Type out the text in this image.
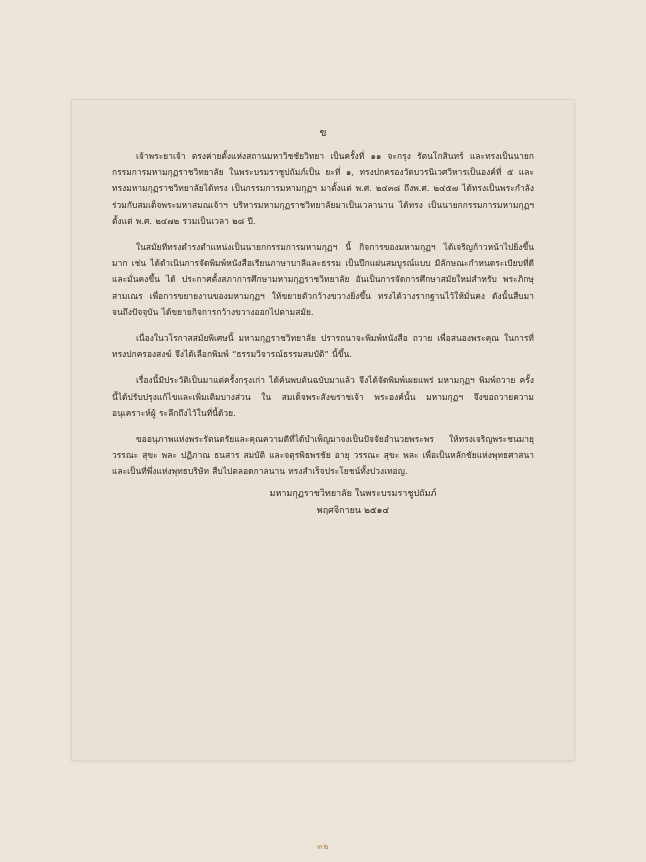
ข

เจ้าพระยาเจ้า ตรงค่ายตั้งแห่งสถานมหาวิชชัยวิทยา เป็นครั้งที่ ๑๑ จะกรุง รัตนโกสินทร์ และทรงเป็นนายกกรรมการมหามกุฏราชวิทยาลัย ในพระบรมราชูปถัมภ์เป็น ยะที่ ๑, ทรงปกครองวัดบวรนิเวศวิหารเป็นองค์ที่ ๕ และทรงมหามกุฏราชวิทยาลัยได้ทรง เป็นกรรมการมหามกุฏฯ มาตั้งแต่ พ.ศ. ๒๔๓๘ ถึงพ.ศ. ๒๔๕๗ ได้ทรงเป็นพระกำลัง ร่วมกับสมเด็จพระมหาสมณเจ้าฯ บริหารมหามกุฏราชวิทยาลัยมาเป็นเวลานาน ได้ทรง เป็นนายกกรรมการมหามกุฏฯ ตั้งแต่ พ.ศ. ๒๔๗๒ รวมเป็นเวลา ๒๘ ปี.

ในสมัยที่ทรงดำรงตำแหน่งเป็นนายกกรรมการมหามกุฏฯ นี้ กิจการของมหามกุฏฯ ได้เจริญก้าวหน้าไปยิ่งขึ้นมาก เช่น ได้ดำเนินการจัดพิมพ์หนังสือเรียนภาษาบาลีและธรรม เป็นปึกแผ่นสมบูรณ์แบบ มีลักษณะกำหนดระเบียบที่ดีและมั่นคงขึ้น ได้ ประกาศตั้งสภาการศึกษามหามกุฏราชวิทยาลัย อันเป็นการจัดการศึกษาสมัยใหม่สำหรับ พระภิกษุสามเณร เพื่อการขยายงานของมหามกุฏฯ ให้ขยายตัวกว้างขวางยิ่งขึ้น ทรงได้วางรากฐานไว้ให้มั่นคง ดังนั้นสืบมาจนถึงปัจจุบัน ได้ขยายกิจการกว้างขวางออกไปตามสมัย.

เนื่องในวโรกาสสมัยพิเศษนี้ มหามกุฏราชวิทยาลัย ปรารถนาจะพิมพ์หนังสือ ถวาย เพื่อสนองพระคุณ ในการที่ทรงปกครองสงฆ์ จึงได้เลือกพิมพ์ “ธรรมวิจารณ์ธรรมสมบัติ” นี้ขึ้น.

เรื่องนี้มีประวัติเป็นมาแต่ครั้งกรุงเก่า ได้ค้นพบต้นฉบับมาแล้ว จึงได้จัดพิมพ์เผยแพร่ มหามกุฏฯ พิมพ์ถวาย ครั้งนี้ได้ปรับปรุงแก้ไขและเพิ่มเติมบางส่วน ใน สมเด็จพระสังฆราชเจ้า พระองค์นั้น มหามกุฏฯ จึงขอถวายความอนุเคราะห์ผู้ ระลึกถึงไว้ในที่นี้ด้วย.

ขออนุภาพแห่งพระรัตนตรัยและคุณความดีที่ได้บำเพ็ญมาจงเป็นปัจจัยอำนวยพระพร ให้ทรงเจริญพระชนมายุ วรรณะ สุขะ พละ ปฏิภาณ ธนสาร สมบัติ และจตุรพิธพรชัย อายุ วรรณะ สุขะ พละ เพื่อเป็นหลักชัยแห่งพุทธศาสนา และเป็นที่พึ่งแห่งพุทธบริษัท สืบไปตลอดกาลนาน ทรงสำเร็จประโยชน์ทั้งปวงเทอญ.

มหามกุฏราชวิทยาลัย ในพระบรมราชูปถัมภ์
พฤศจิกายน ๒๕๑๔
๓๒
